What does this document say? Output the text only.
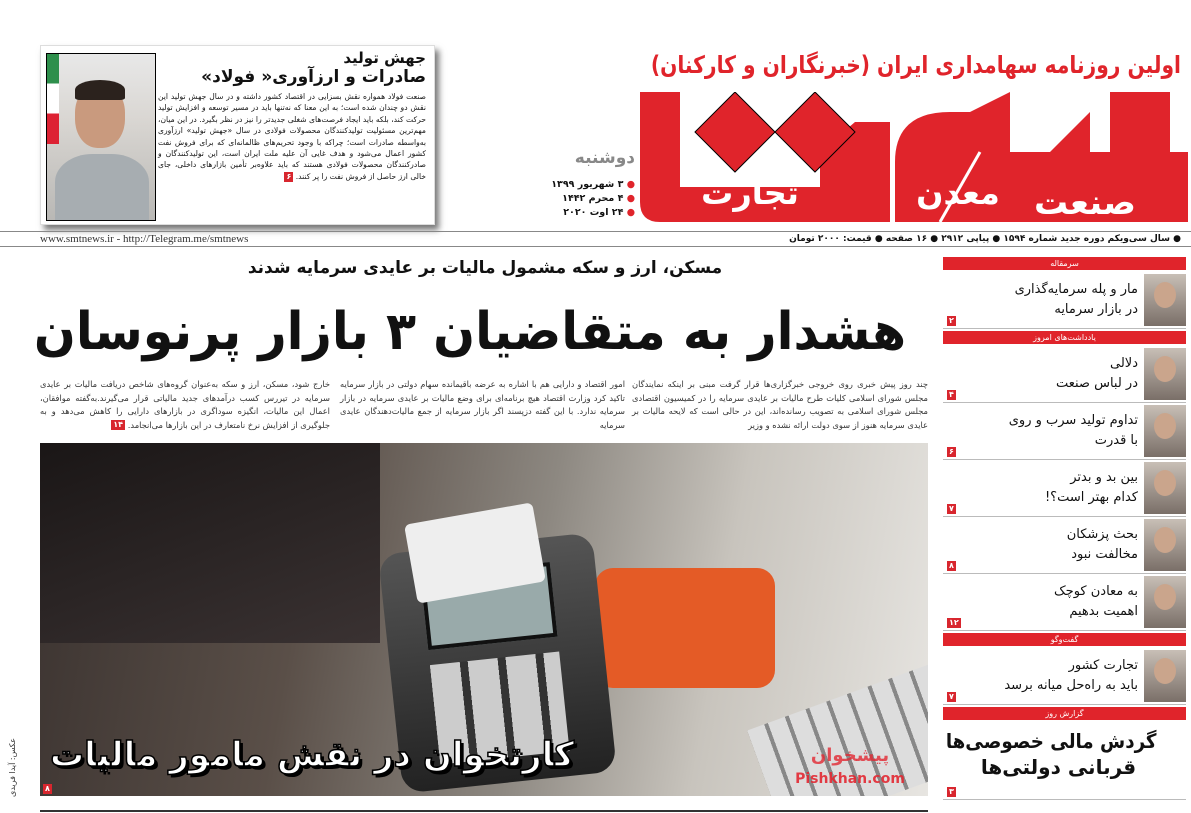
جهش تولید
صادرات و ارزآوری« فولاد»
صنعت فولاد همواره نقش بسزایی در اقتصاد کشور داشته و در سال جهش تولید این نقش دو چندان شده است؛ به این معنا که نه‌تنها باید در مسیر توسعه و افزایش تولید حرکت کند، بلکه باید ایجاد فرصت‌های شغلی جدیدتر را نیز در نظر بگیرد. در این میان، مهم‌ترین مسئولیت تولیدکنندگان محصولات فولادی در سال «جهش تولید» ارزآوری به‌واسطه صادرات است؛ چراکه با وجود تحریم‌های ظالمانه‌ای که برای فروش نفت کشور اعمال می‌شود و هدف غایی آن علیه ملت ایران است، این تولیدکنندگان و صادرکنندگان محصولات فولادی هستند که باید علاوه‌بر تأمین بازارهای داخلی، جای خالی ارز حاصل از فروش نفت را پر کنند. ۶
اولین روزنامه سهامداری ایران (خبرنگاران و کارکنان)
صنعت
معدن
تجارت
دوشنبه
● ۳ شهریور ۱۳۹۹
● ۴ محرم ۱۴۴۲
● ۲۴ اوت ۲۰۲۰
www.smtnews.ir - http://Telegram.me/smtnews	● سال سی‌ویکم دوره جدید شماره ۱۵۹۴ ● پیاپی ۲۹۱۲ ● ۱۶ صفحه ● قیمت: ۲۰۰۰ تومان
مسکن، ارز و سکه مشمول مالیات بر عایدی سرمایه شدند
هشدار به متقاضیان ۳ بازار پرنوسان
چند روز پیش خبری روی خروجی خبرگزاری‌ها قرار گرفت مبنی بر اینکه نمایندگان مجلس شورای اسلامی کلیات طرح مالیات بر عایدی سرمایه را در کمیسیون اقتصادی مجلس شورای اسلامی به تصویب رسانده‌اند، این در حالی است که لایحه مالیات بر عایدی سرمایه هنوز از سوی دولت ارائه نشده و وزیر
امور اقتصاد و دارایی هم با اشاره به عرضه باقیمانده سهام دولتی در بازار سرمایه تاکید کرد وزارت اقتصاد هیچ برنامه‌ای برای وضع مالیات بر عایدی سرمایه در بازار سرمایه ندارد. با این گفته دزپسند اگر بازار سرمایه از جمع مالیات‌دهندگان عایدی سرمایه
خارج شود، مسکن، ارز و سکه به‌عنوان گروه‌های شاخص دریافت مالیات بر عایدی سرمایه در تیررس کسب درآمدهای جدید مالیاتی قرار می‌گیرند.به‌گفته موافقان، اعمال این مالیات، انگیزه سوداگری در بازارهای دارایی را کاهش می‌دهد و به جلوگیری از افزایش نرخ نامتعارف در این بازارها می‌انجامد. ۱۴
کارتخوان در نقش مامور مالیات
۸
عکس: آیدا فریدی	پیشخوان
Pishkhan.com
سرمقاله
مار و پله سرمایه‌گذاری
در بازار سرمایه
۲
یادداشت‌های امروز
دلالی
در لباس صنعت
۴
تداوم تولید سرب و روی
با قدرت
۶
بین بد و بدتر
کدام بهتر است؟!
۷
بحث پزشکان
مخالفت نبود
۸
به معادن کوچک
اهمیت بدهیم
۱۲
گفت‌وگو
تجارت کشور
باید به راه‌حل میانه برسد
۷
گزارش روز
گردش مالی خصوصی‌ها
قربانی دولتی‌ها
۳
